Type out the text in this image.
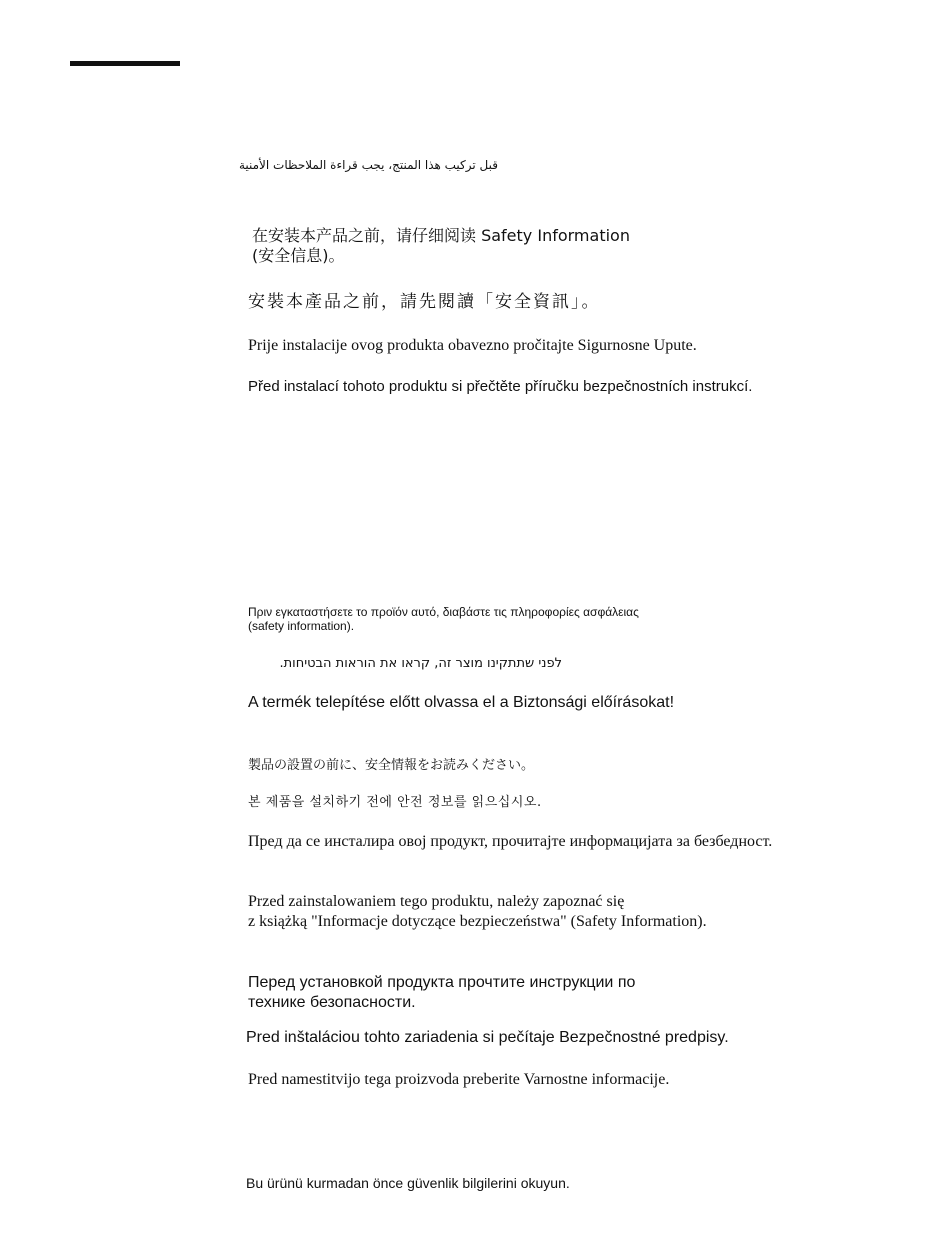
قبل تركيب هذا المنتج، يجب قراءة الملاحظات الأمنية

在安装本产品之前，请仔细阅读 Safety Information
(安全信息)。

安裝本產品之前，請先閱讀「安全資訊」。

Prije instalacije ovog produkta obavezno pročitajte Sigurnosne Upute.

Před instalací tohoto produktu si přečtěte příručku bezpečnostních instrukcí.

Πριν εγκαταστήσετε το προϊόν αυτό, διαβάστε τις πληροφορίες ασφάλειας
(safety information).

לפני שתתקינו מוצר זה, קראו את הוראות הבטיחות.

A termék telepítése előtt olvassa el a Biztonsági előírásokat!

製品の設置の前に、安全情報をお読みください。

본 제품을 설치하기 전에 안전 정보를 읽으십시오.

Пред да се инсталира овој продукт, прочитајте информацијата за безбедност.

Przed zainstalowaniem tego produktu, należy zapoznać się
z książką "Informacje dotyczące bezpieczeństwa" (Safety Information).

Перед установкой продукта прочтите инструкции по
технике безопасности.

Pred inštaláciou tohto zariadenia si pečítaje Bezpečnostné predpisy.

Pred namestitvijo tega proizvoda preberite Varnostne informacije.

Bu ürünü kurmadan önce güvenlik bilgilerini okuyun.
